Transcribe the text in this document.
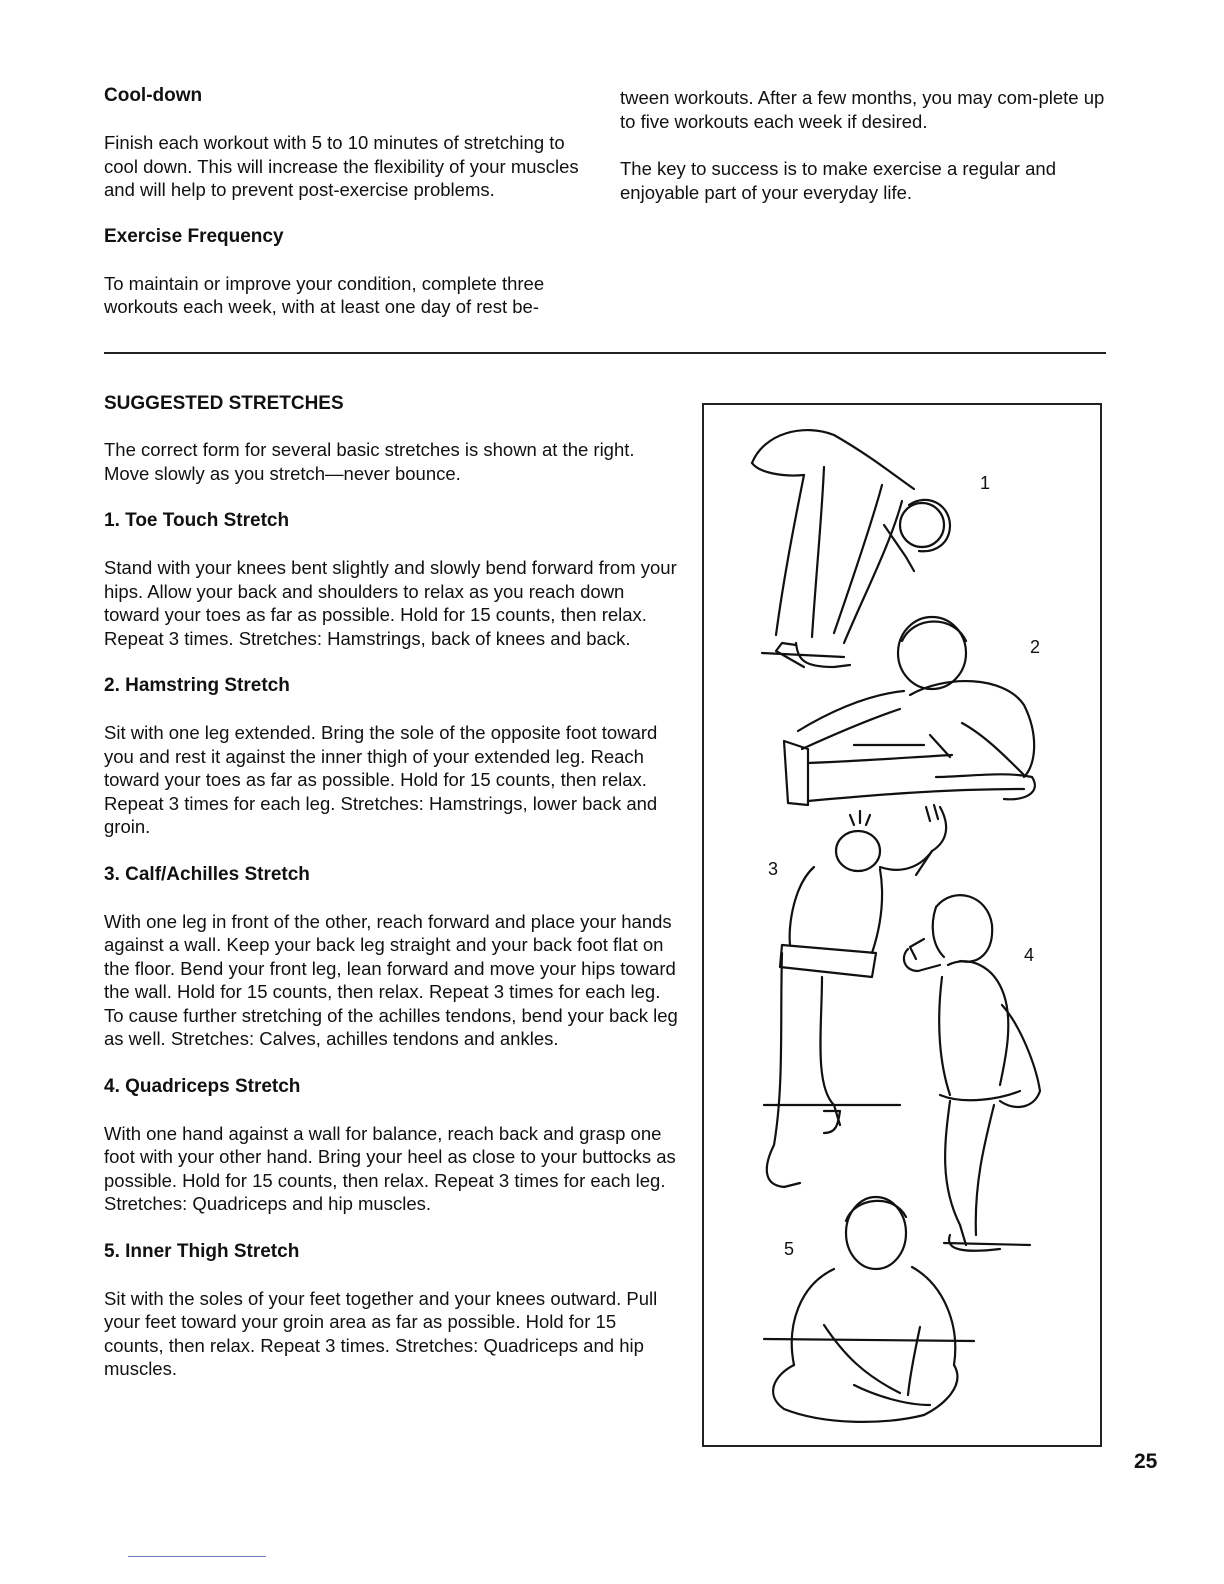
Cool-down

Finish each workout with 5 to 10 minutes of stretching to cool down. This will increase the flexibility of your muscles and will help to prevent post-exercise problems.

Exercise Frequency

To maintain or improve your condition, complete three workouts each week, with at least one day of rest be-

tween workouts. After a few months, you may com-plete up to five workouts each week if desired.

The key to success is to make exercise a regular and enjoyable part of your everyday life.

SUGGESTED STRETCHES

The correct form for several basic stretches is shown at the right. Move slowly as you stretch—never bounce.

1. Toe Touch Stretch

Stand with your knees bent slightly and slowly bend forward from your hips. Allow your back and shoulders to relax as you reach down toward your toes as far as possible. Hold for 15 counts, then relax. Repeat 3 times. Stretches: Hamstrings, back of knees and back.

2. Hamstring Stretch

Sit with one leg extended. Bring the sole of the opposite foot toward you and rest it against the inner thigh of your extended leg. Reach toward your toes as far as possible. Hold for 15 counts, then relax. Repeat 3 times for each leg. Stretches: Hamstrings, lower back and groin.

3. Calf/Achilles Stretch

With one leg in front of the other, reach forward and place your hands against a wall. Keep your back leg straight and your back foot flat on the floor. Bend your front leg, lean forward and move your hips toward the wall. Hold for 15 counts, then relax. Repeat 3 times for each leg. To cause further stretching of the achilles tendons, bend your back leg as well. Stretches: Calves, achilles tendons and ankles.

4. Quadriceps Stretch

With one hand against a wall for balance, reach back and grasp one foot with your other hand. Bring your heel as close to your buttocks as possible. Hold for 15 counts, then relax. Repeat 3 times for each leg. Stretches: Quadriceps and hip muscles.

5. Inner Thigh Stretch

Sit with the soles of your feet together and your knees outward. Pull your feet toward your groin area as far as possible. Hold for 15 counts, then relax. Repeat 3 times. Stretches: Quadriceps and hip muscles.

1
2
3
4
5
25
